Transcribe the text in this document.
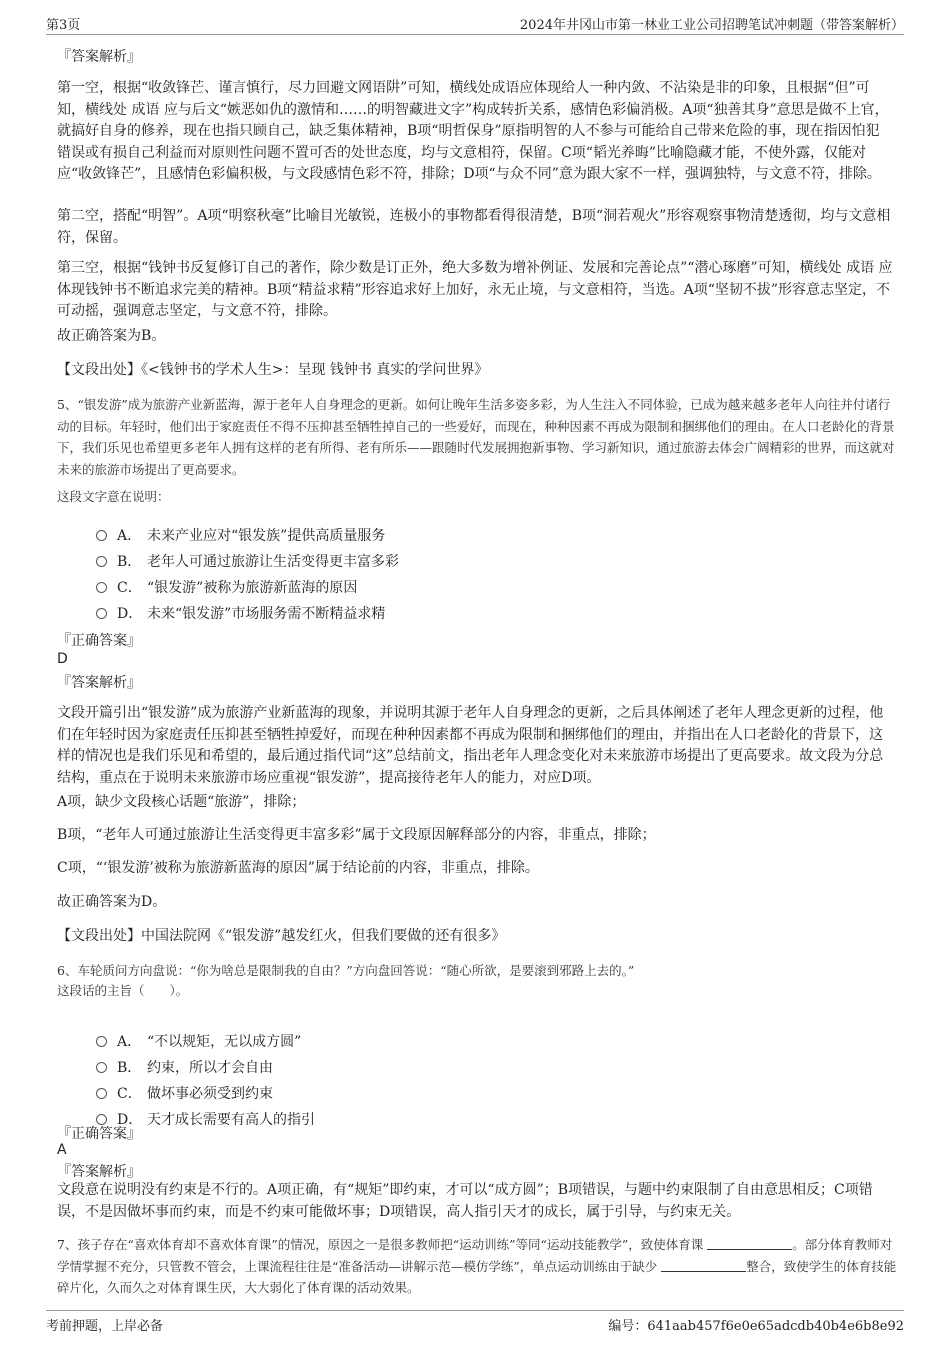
第3页	2024年井冈山市第一林业工业公司招聘笔试冲刺题（带答案解析）
『答案解析』
第一空，根据“收敛锋芒、谨言慎行，尽力回避文网语阱”可知，横线处成语应体现给人一种内敛、不沾染是非的印象，且根据“但”可知，横线处 成语 应与后文“嫉恶如仇的激情和……的明智藏进文字”构成转折关系，感情色彩偏消极。A项“独善其身”意思是做不上官，就搞好自身的修养，现在也指只顾自己，缺乏集体精神，B项“明哲保身”原指明智的人不参与可能给自己带来危险的事，现在指因怕犯错误或有损自己利益而对原则性问题不置可否的处世态度，均与文意相符，保留。C项“韬光养晦”比喻隐藏才能，不使外露，仅能对应“收敛锋芒”，且感情色彩偏积极，与文段感情色彩不符，排除；D项“与众不同”意为跟大家不一样，强调独特，与文意不符，排除。
第二空，搭配“明智”。A项“明察秋毫”比喻目光敏锐，连极小的事物都看得很清楚，B项“洞若观火”形容观察事物清楚透彻，均与文意相符，保留。
第三空，根据“钱钟书反复修订自己的著作，除少数是订正外，绝大多数为增补例证、发展和完善论点”“潜心琢磨”可知，横线处 成语 应体现钱钟书不断追求完美的精神。B项“精益求精”形容追求好上加好，永无止境，与文意相符，当选。A项“坚韧不拔”形容意志坚定，不可动摇，强调意志坚定，与文意不符，排除。
故正确答案为B。
【文段出处】《<钱钟书的学术人生>：呈现 钱钟书 真实的学问世界》
5、“银发游”成为旅游产业新蓝海，源于老年人自身理念的更新。如何让晚年生活多姿多彩，为人生注入不同体验，已成为越来越多老年人向往并付诸行动的目标。年轻时，他们出于家庭责任不得不压抑甚至牺牲掉自己的一些爱好，而现在，种种因素不再成为限制和捆绑他们的理由。在人口老龄化的背景下，我们乐见也希望更多老年人拥有这样的老有所得、老有所乐——跟随时代发展拥抱新事物、学习新知识，通过旅游去体会广阔精彩的世界，而这就对未来的旅游市场提出了更高要求。
这段文字意在说明：
A． 未来产业应对“银发族”提供高质量服务
B． 老年人可通过旅游让生活变得更丰富多彩
C． “银发游”被称为旅游新蓝海的原因
D． 未来“银发游”市场服务需不断精益求精
『正确答案』
D
『答案解析』
文段开篇引出“银发游”成为旅游产业新蓝海的现象，并说明其源于老年人自身理念的更新，之后具体阐述了老年人理念更新的过程，他们在年轻时因为家庭责任压抑甚至牺牲掉爱好，而现在种种因素都不再成为限制和捆绑他们的理由，并指出在人口老龄化的背景下，这样的情况也是我们乐见和希望的，最后通过指代词“这”总结前文，指出老年人理念变化对未来旅游市场提出了更高要求。故文段为分总结构，重点在于说明未来旅游市场应重视“银发游”，提高接待老年人的能力，对应D项。
A项，缺少文段核心话题“旅游”，排除；
B项，“老年人可通过旅游让生活变得更丰富多彩”属于文段原因解释部分的内容，非重点，排除；
C项，“‘银发游’被称为旅游新蓝海的原因”属于结论前的内容，非重点，排除。
故正确答案为D。
【文段出处】中国法院网《“银发游”越发红火，但我们要做的还有很多》
6、车轮质问方向盘说：“你为啥总是限制我的自由？”方向盘回答说：“随心所欲，是要滚到邪路上去的。”
这段话的主旨（　　）。
A． “不以规矩，无以成方圆”
B． 约束，所以才会自由
C． 做坏事必须受到约束
D． 天才成长需要有高人的指引
『正确答案』
A
『答案解析』
文段意在说明没有约束是不行的。A项正确，有“规矩”即约束，才可以“成方圆”；B项错误，与题中约束限制了自由意思相反；C项错误，不是因做坏事而约束，而是不约束可能做坏事；D项错误，高人指引天才的成长，属于引导，与约束无关。
7、孩子存在“喜欢体育却不喜欢体育课”的情况，原因之一是很多教师把“运动训练”等同“运动技能教学”，致使体育课	。部分体育教师对学情掌握不充分，只管教不管会，上课流程往往是“准备活动—讲解示范—模仿学练”，单点运动训练由于缺少	整合，致使学生的体育技能碎片化，久而久之对体育课生厌，大大弱化了体育课的活动效果。
考前押题，上岸必备	编号：641aab457f6e0e65adcdb40b4e6b8e92
